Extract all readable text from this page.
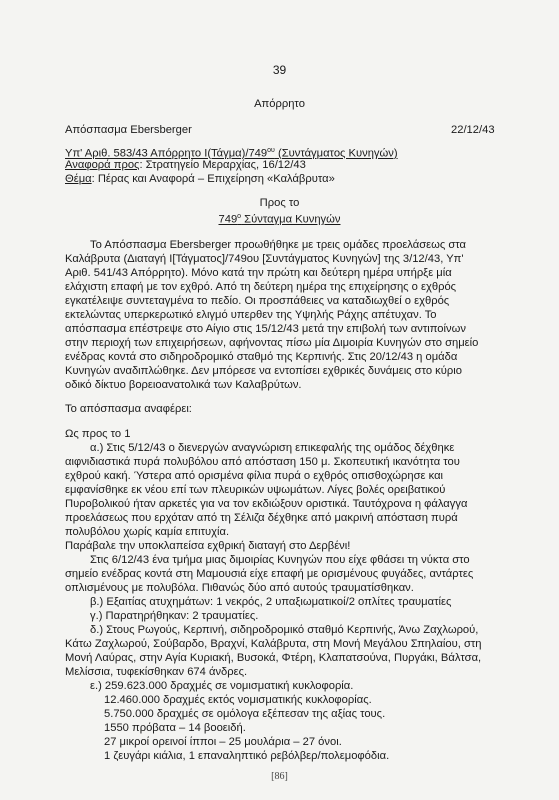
39
Απόρρητο
Απόσπασμα Ebersberger	22/12/43
Υπ' Αριθ. 583/43 Απόρρητο $I(Tά\gamma\mu\alpha)/749^{o\upsilon}$ (Συντάγματος Κυνηγών)
Αναφορά προς: Στρατηγείο Μεραρχίας, 16/12/43
Θέμα: Πέρας και Αναφορά – Επιχείρηση «Καλάβρυτα»
Προς το
$749^o$ Σύνταγμα Κυνηγών
Το Απόσπασμα Ebersberger προωθήθηκε με τρεις ομάδες προελάσεως στα
Καλάβρυτα (Διαταγή Ι[Τάγματος]/749ου [Συντάγματος Κυνηγών] της 3/12/43, Υπ'
Αριθ. 541/43 Απόρρητο). Μόνο κατά την πρώτη και δεύτερη ημέρα υπήρξε μία
ελάχιστη επαφή με τον εχθρό. Από τη δεύτερη ημέρα της επιχείρησης ο εχθρός
εγκατέλειψε συντεταγμένα το πεδίο. Οι προσπάθειες να καταδιωχθεί ο εχθρός
εκτελώντας υπερκερωτικό ελιγμό υπερθεν της Υψηλής Ράχης απέτυχαν. Το
απόσπασμα επέστρεψε στο Αίγιο στις 15/12/43 μετά την επιβολή των αντιποίνων
στην περιοχή των επιχειρήσεων, αφήνοντας πίσω μία Διμοιρία Κυνηγών στο σημείο
ενέδρας κοντά στο σιδηροδρομικό σταθμό της Κερπινής. Στις 20/12/43 η ομάδα
Κυνηγών αναδιπλώθηκε. Δεν μπόρεσε να εντοπίσει εχθρικές δυνάμεις στο κύριο
οδικό δίκτυο βορειοανατολικά των Καλαβρύτων.
Το απόσπασμα αναφέρει:
Ως προς το 1
α.) Στις 5/12/43 ο διενεργών αναγνώριση επικεφαλής της ομάδος δέχθηκε
αιφνιδιαστικά πυρά πολυβόλου από απόσταση 150 μ. Σκοπευτική ικανότητα του
εχθρού κακή. Ύστερα από ορισμένα φίλια πυρά ο εχθρός οπισθοχώρησε και
εμφανίσθηκε εκ νέου επί των πλευρικών υψωμάτων. Λίγες βολές ορειβατικού
Πυροβολικού ήταν αρκετές για να τον εκδιώξουν οριστικά. Ταυτόχρονα η φάλαγγα
προελάσεως που ερχόταν από τη Σέλιζα δέχθηκε από μακρινή απόσταση πυρά
πολυβόλου χωρίς καμία επιτυχία.
Παράβαλε την υποκλαπείσα εχθρική διαταγή στο Δερβένι!
Στις 6/12/43 ένα τμήμα μιας διμοιρίας Κυνηγών που είχε φθάσει τη νύκτα στο
σημείο ενέδρας κοντά στη Μαμουσιά είχε επαφή με ορισμένους φυγάδες, αντάρτες
οπλισμένους με πολυβόλα. Πιθανώς δύο από αυτούς τραυματίσθηκαν.
β.) Εξαιτίας ατυχημάτων: 1 νεκρός, 2 υπαξιωματικοί/2 οπλίτες τραυματίες
γ.) Παρατηρήθηκαν: 2 τραυματίες.
δ.) Στους Ρωγούς, Κερπινή, σιδηροδρομικό σταθμό Κερπινής, Άνω Ζαχλωρού,
Κάτω Ζαχλωρού, Σούβαρδο, Βραχνί, Καλάβρυτα, στη Μονή Μεγάλου Σπηλαίου, στη
Μονή Λαύρας, στην Αγία Κυριακή, Βυσοκά, Φτέρη, Κλαπατσούνα, Πυργάκι, Βάλτσα,
Μελίσσια, τυφεκίσθηκαν 674 άνδρες.
ε.) 259.623.000 δραχμές σε νομισματική κυκλοφορία.
12.460.000 δραχμές εκτός νομισματικής κυκλοφορίας.
5.750.000 δραχμές σε ομόλογα εξέπεσαν της αξίας τους.
1550 πρόβατα – 14 βοοειδή.
27 μικροί ορεινοί ίπποι – 25 μουλάρια – 27 όνοι.
1 ζευγάρι κιάλια, 1 επαναληπτικό ρεβόλβερ/πολεμοφόδια.
[86]
